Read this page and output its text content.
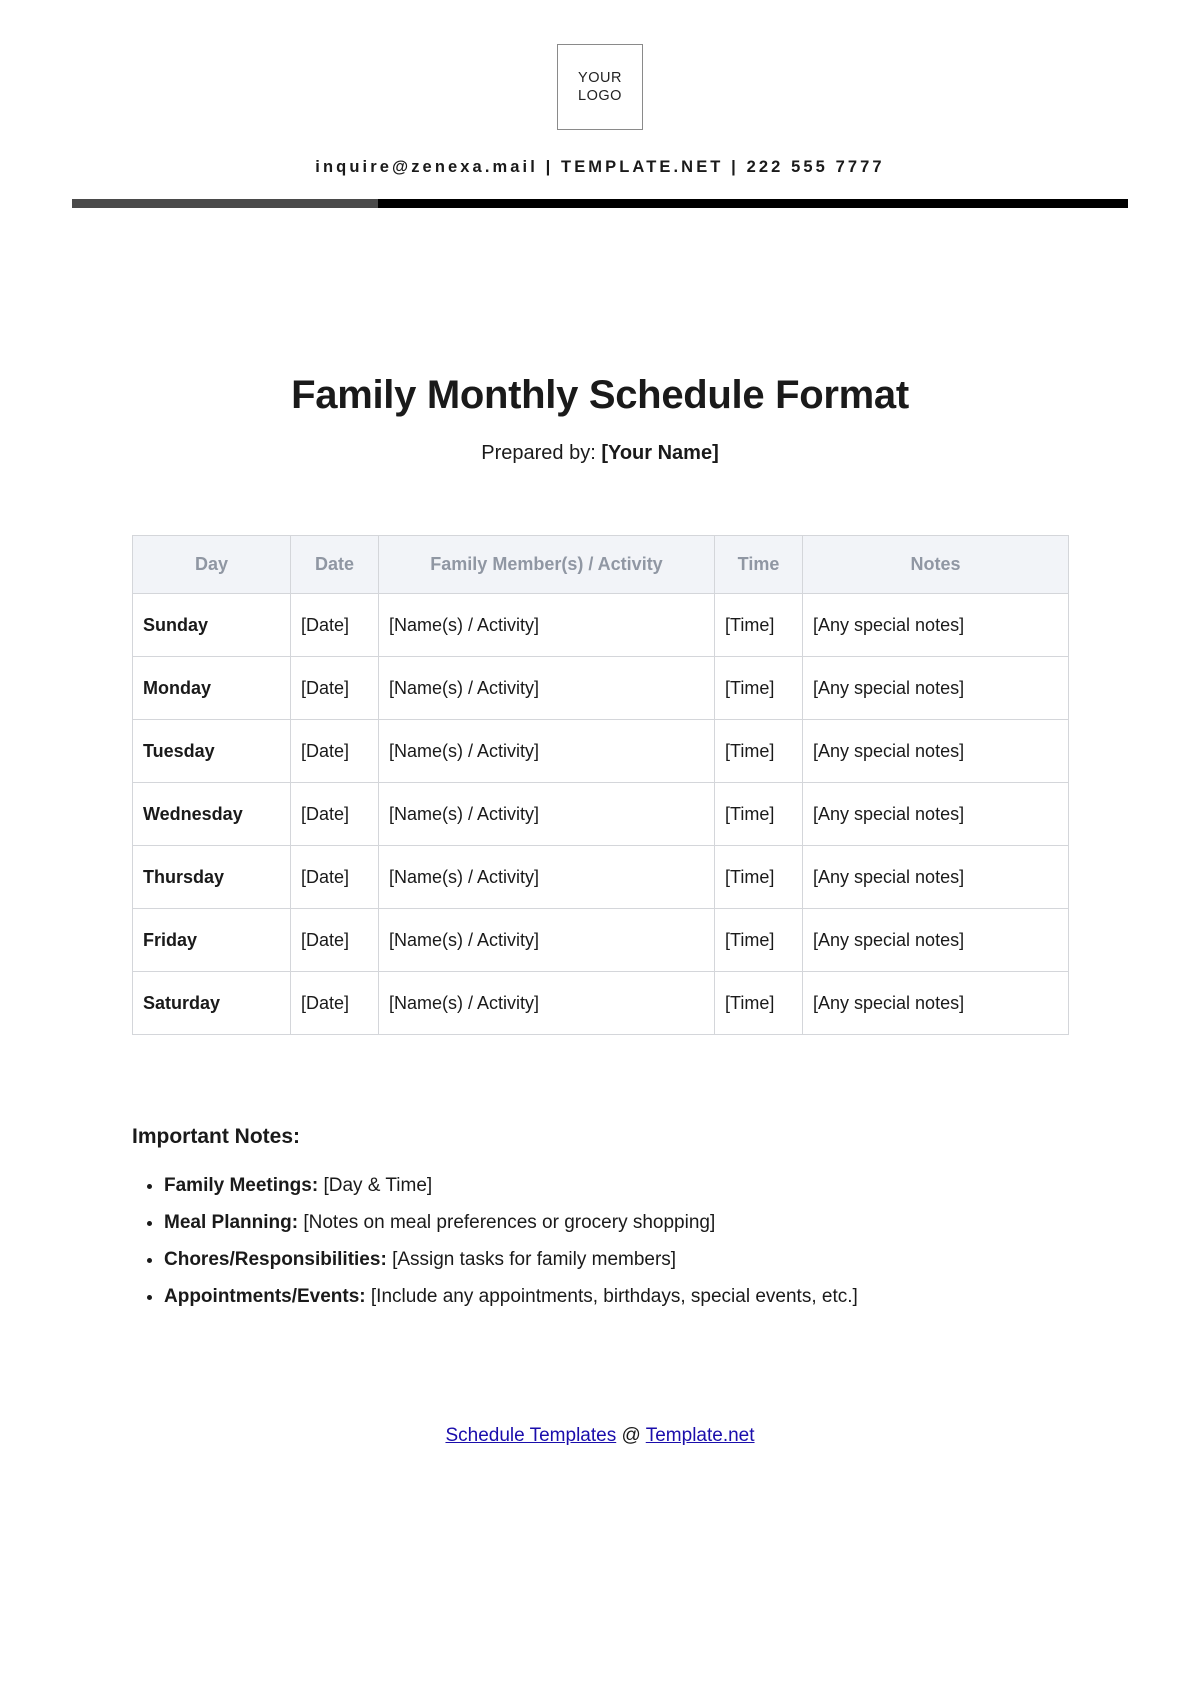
YOUR
LOGO
inquire@zenexa.mail | TEMPLATE.NET | 222 555 7777
Family Monthly Schedule Format
Prepared by: [Your Name]
Day	Date	Family Member(s) / Activity	Time	Notes
Sunday	[Date]	[Name(s) / Activity]	[Time]	[Any special notes]
Monday	[Date]	[Name(s) / Activity]	[Time]	[Any special notes]
Tuesday	[Date]	[Name(s) / Activity]	[Time]	[Any special notes]
Wednesday	[Date]	[Name(s) / Activity]	[Time]	[Any special notes]
Thursday	[Date]	[Name(s) / Activity]	[Time]	[Any special notes]
Friday	[Date]	[Name(s) / Activity]	[Time]	[Any special notes]
Saturday	[Date]	[Name(s) / Activity]	[Time]	[Any special notes]
Important Notes:
• Family Meetings: [Day & Time]
• Meal Planning: [Notes on meal preferences or grocery shopping]
• Chores/Responsibilities: [Assign tasks for family members]
• Appointments/Events: [Include any appointments, birthdays, special events, etc.]
Schedule Templates @ Template.net
